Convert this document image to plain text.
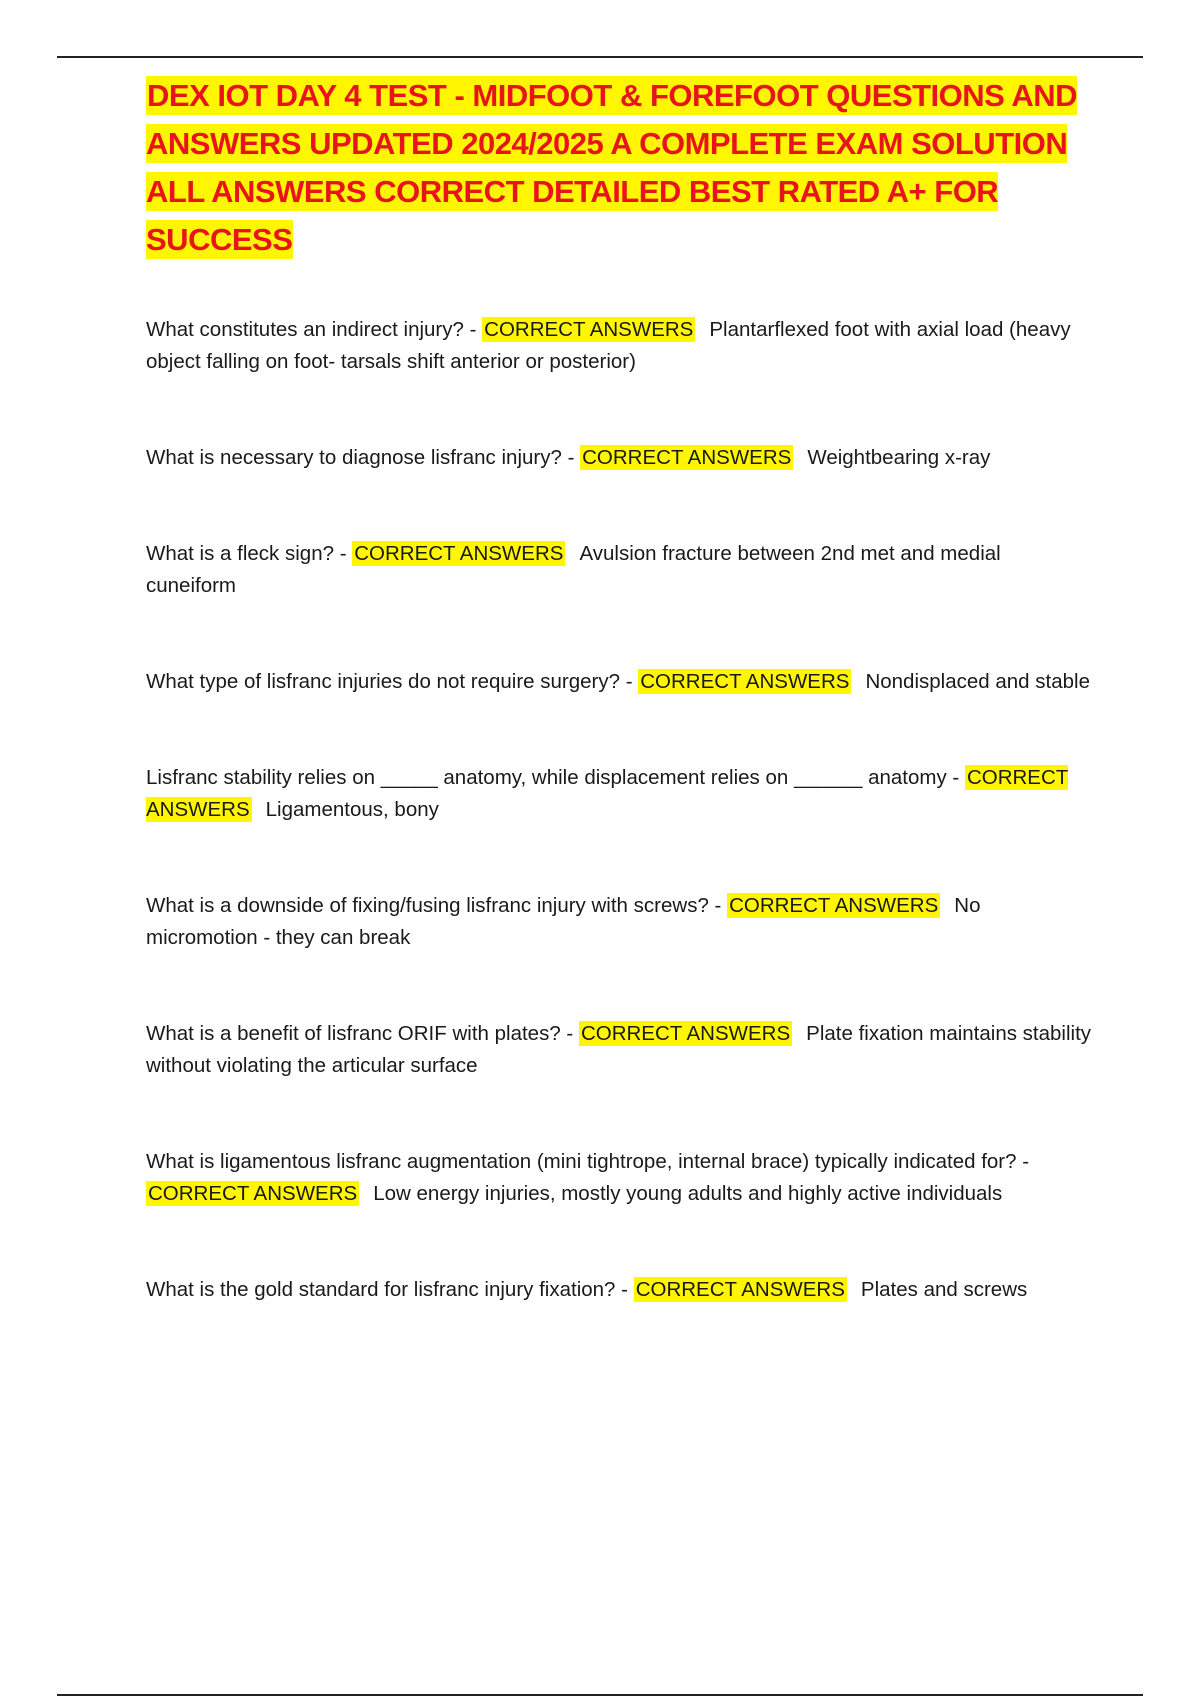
DEX IOT DAY 4 TEST - MIDFOOT & FOREFOOT QUESTIONS AND ANSWERS UPDATED 2024/2025 A COMPLETE EXAM SOLUTION ALL ANSWERS CORRECT DETAILED BEST RATED A+ FOR SUCCESS

What constitutes an indirect injury? - CORRECT ANSWERS Plantarflexed foot with axial load (heavy object falling on foot- tarsals shift anterior or posterior)

What is necessary to diagnose lisfranc injury? - CORRECT ANSWERS Weightbearing x-ray

What is a fleck sign? - CORRECT ANSWERS Avulsion fracture between 2nd met and medial cuneiform

What type of lisfranc injuries do not require surgery? - CORRECT ANSWERS Nondisplaced and stable

Lisfranc stability relies on _____ anatomy, while displacement relies on ______ anatomy - CORRECT ANSWERS Ligamentous, bony

What is a downside of fixing/fusing lisfranc injury with screws? - CORRECT ANSWERS No micromotion - they can break

What is a benefit of lisfranc ORIF with plates? - CORRECT ANSWERS Plate fixation maintains stability without violating the articular surface

What is ligamentous lisfranc augmentation (mini tightrope, internal brace) typically indicated for? - CORRECT ANSWERS Low energy injuries, mostly young adults and highly active individuals

What is the gold standard for lisfranc injury fixation? - CORRECT ANSWERS Plates and screws
